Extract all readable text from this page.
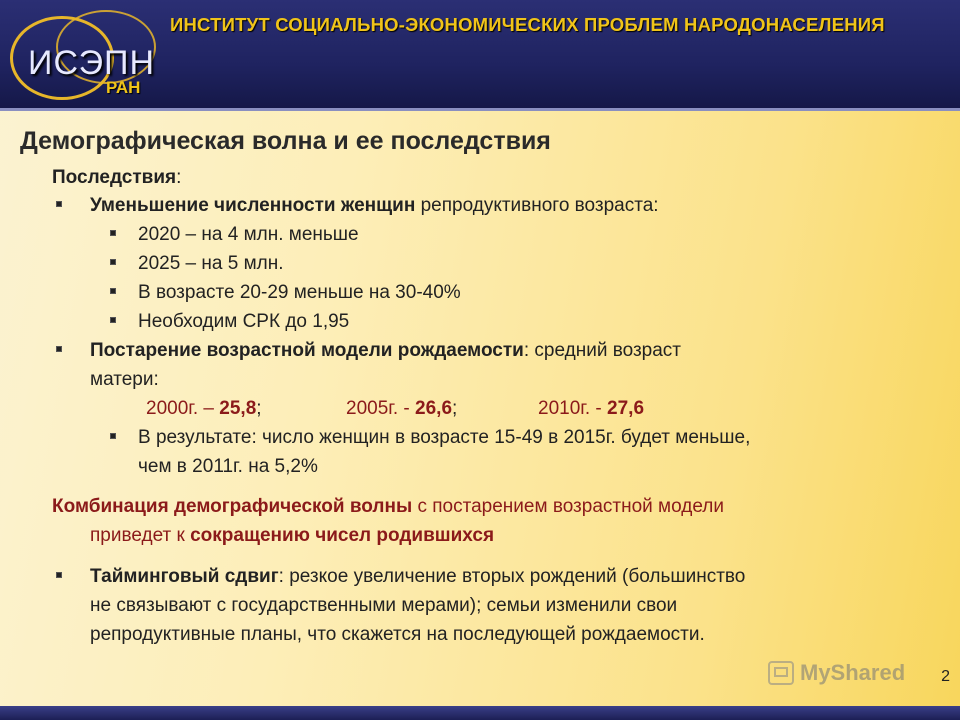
ИСЭПН
РАН
ИНСТИТУТ СОЦИАЛЬНО-ЭКОНОМИЧЕСКИХ ПРОБЛЕМ НАРОДОНАСЕЛЕНИЯ
Демографическая волна и ее последствия
Последствия:
Уменьшение численности женщин репродуктивного возраста:
2020 – на 4 млн. меньше
2025 – на 5 млн.
В возрасте 20-29 меньше на 30-40%
Необходим СРК до 1,95
Постарение возрастной модели рождаемости: средний возраст
матери:
2000г. – 25,8;	2005г. - 26,6;	2010г. - 27,6
В результате: число женщин в возрасте 15-49 в 2015г. будет меньше,
чем в 2011г. на 5,2%
Комбинация демографической волны с постарением возрастной модели
приведет к сокращению чисел родившихся
Тайминговый сдвиг: резкое увеличение вторых рождений (большинство
не связывают с государственными мерами); семьи изменили свои
репродуктивные планы, что скажется на последующей рождаемости.
MyShared 2
